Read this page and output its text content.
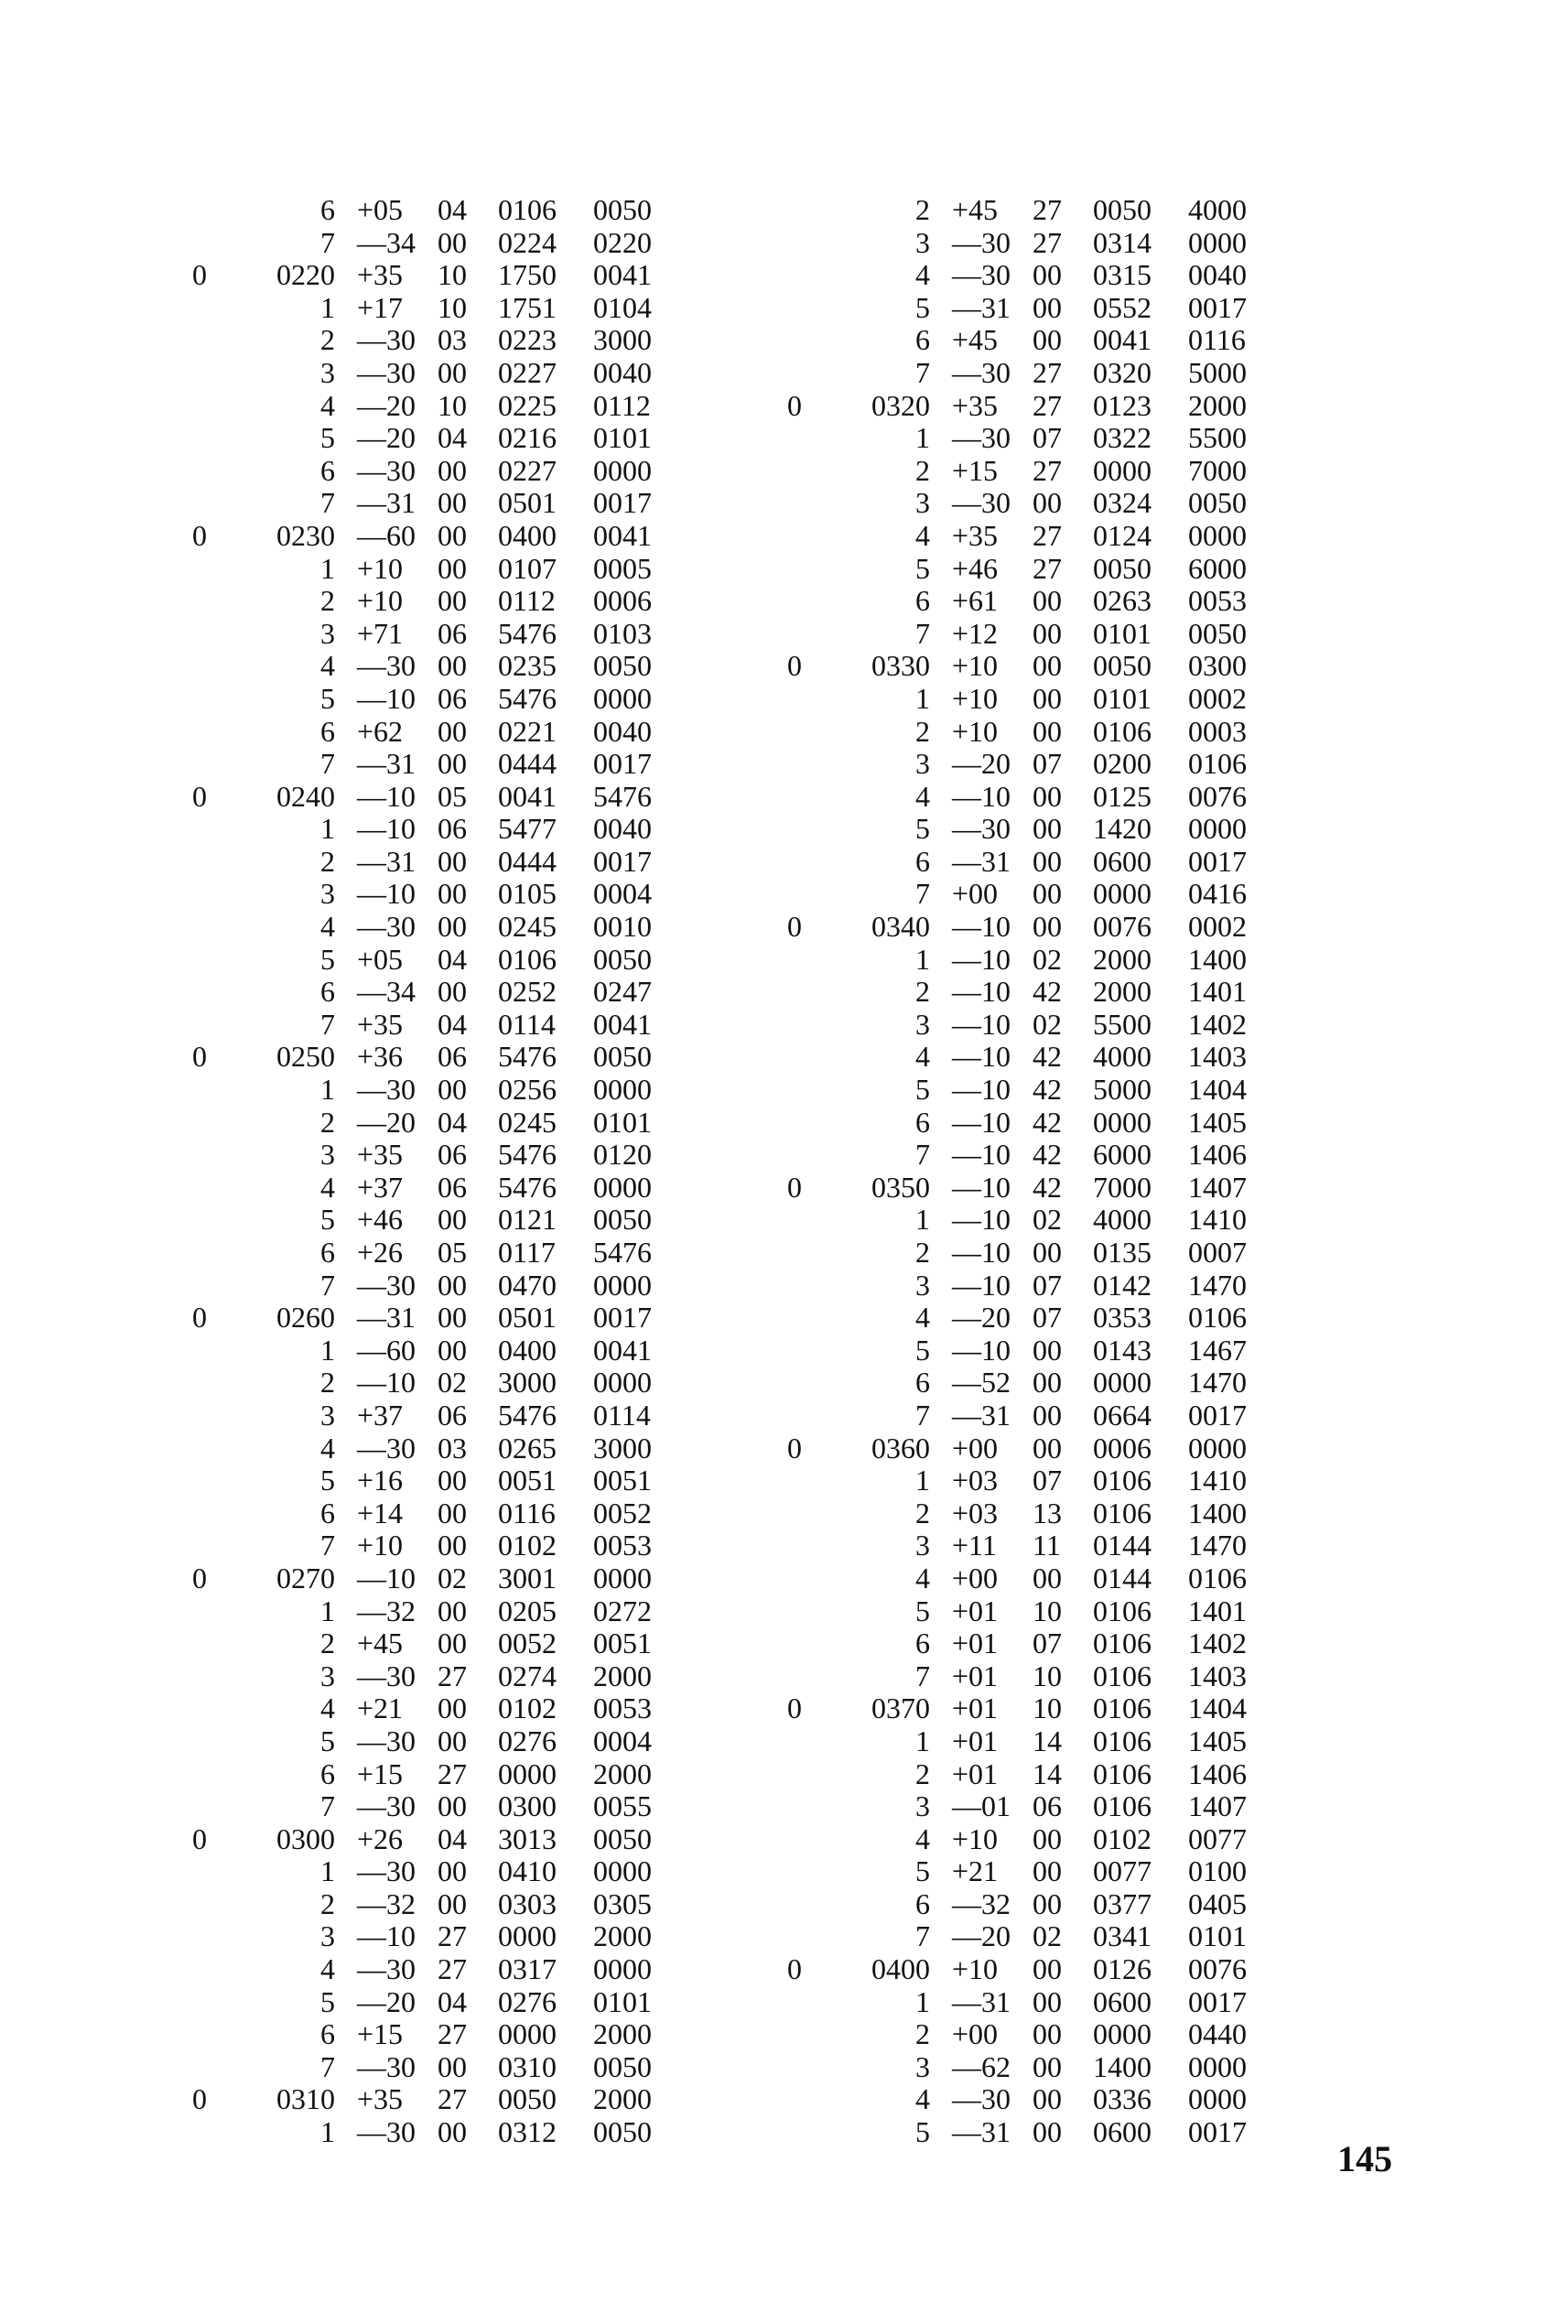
	6	+05	04	0106	0050
	7	—34	00	0224	0220
0	0220	+35	10	1750	0041
	1	+17	10	1751	0104
	2	—30	03	0223	3000
	3	—30	00	0227	0040
	4	—20	10	0225	0112
	5	—20	04	0216	0101
	6	—30	00	0227	0000
	7	—31	00	0501	0017
0	0230	—60	00	0400	0041
	1	+10	00	0107	0005
	2	+10	00	0112	0006
	3	+71	06	5476	0103
	4	—30	00	0235	0050
	5	—10	06	5476	0000
	6	+62	00	0221	0040
	7	—31	00	0444	0017
0	0240	—10	05	0041	5476
	1	—10	06	5477	0040
	2	—31	00	0444	0017
	3	—10	00	0105	0004
	4	—30	00	0245	0010
	5	+05	04	0106	0050
	6	—34	00	0252	0247
	7	+35	04	0114	0041
0	0250	+36	06	5476	0050
	1	—30	00	0256	0000
	2	—20	04	0245	0101
	3	+35	06	5476	0120
	4	+37	06	5476	0000
	5	+46	00	0121	0050
	6	+26	05	0117	5476
	7	—30	00	0470	0000
0	0260	—31	00	0501	0017
	1	—60	00	0400	0041
	2	—10	02	3000	0000
	3	+37	06	5476	0114
	4	—30	03	0265	3000
	5	+16	00	0051	0051
	6	+14	00	0116	0052
	7	+10	00	0102	0053
0	0270	—10	02	3001	0000
	1	—32	00	0205	0272
	2	+45	00	0052	0051
	3	—30	27	0274	2000
	4	+21	00	0102	0053
	5	—30	00	0276	0004
	6	+15	27	0000	2000
	7	—30	00	0300	0055
0	0300	+26	04	3013	0050
	1	—30	00	0410	0000
	2	—32	00	0303	0305
	3	—10	27	0000	2000
	4	—30	27	0317	0000
	5	—20	04	0276	0101
	6	+15	27	0000	2000
	7	—30	00	0310	0050
0	0310	+35	27	0050	2000
	1	—30	00	0312	0050
	2	+45	27	0050	4000
	3	—30	27	0314	0000
	4	—30	00	0315	0040
	5	—31	00	0552	0017
	6	+45	00	0041	0116
	7	—30	27	0320	5000
0	0320	+35	27	0123	2000
	1	—30	07	0322	5500
	2	+15	27	0000	7000
	3	—30	00	0324	0050
	4	+35	27	0124	0000
	5	+46	27	0050	6000
	6	+61	00	0263	0053
	7	+12	00	0101	0050
0	0330	+10	00	0050	0300
	1	+10	00	0101	0002
	2	+10	00	0106	0003
	3	—20	07	0200	0106
	4	—10	00	0125	0076
	5	—30	00	1420	0000
	6	—31	00	0600	0017
	7	+00	00	0000	0416
0	0340	—10	00	0076	0002
	1	—10	02	2000	1400
	2	—10	42	2000	1401
	3	—10	02	5500	1402
	4	—10	42	4000	1403
	5	—10	42	5000	1404
	6	—10	42	0000	1405
	7	—10	42	6000	1406
0	0350	—10	42	7000	1407
	1	—10	02	4000	1410
	2	—10	00	0135	0007
	3	—10	07	0142	1470
	4	—20	07	0353	0106
	5	—10	00	0143	1467
	6	—52	00	0000	1470
	7	—31	00	0664	0017
0	0360	+00	00	0006	0000
	1	+03	07	0106	1410
	2	+03	13	0106	1400
	3	+11	11	0144	1470
	4	+00	00	0144	0106
	5	+01	10	0106	1401
	6	+01	07	0106	1402
	7	+01	10	0106	1403
0	0370	+01	10	0106	1404
	1	+01	14	0106	1405
	2	+01	14	0106	1406
	3	—01	06	0106	1407
	4	+10	00	0102	0077
	5	+21	00	0077	0100
	6	—32	00	0377	0405
	7	—20	02	0341	0101
0	0400	+10	00	0126	0076
	1	—31	00	0600	0017
	2	+00	00	0000	0440
	3	—62	00	1400	0000
	4	—30	00	0336	0000
	5	—31	00	0600	0017
145
